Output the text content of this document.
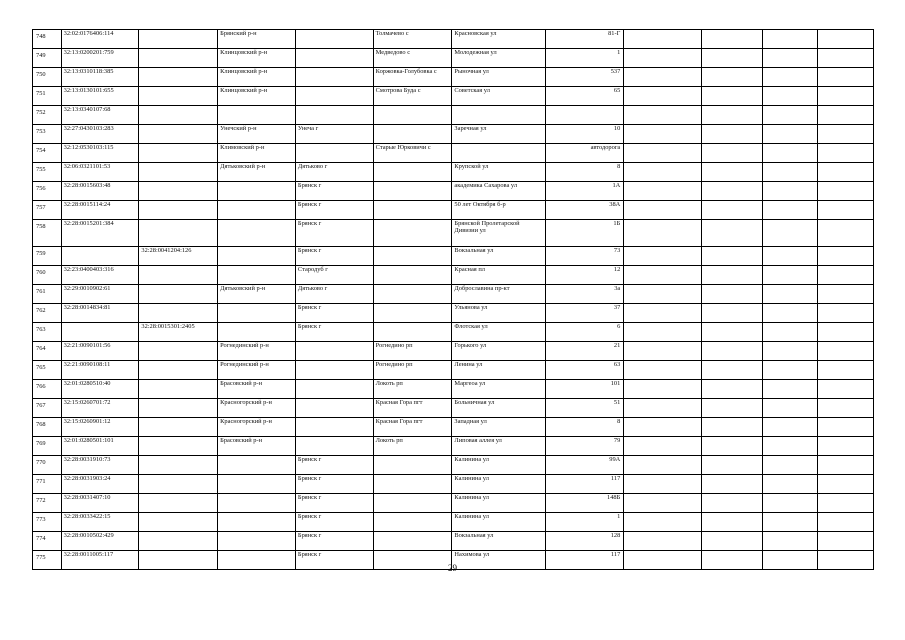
748	32:02:0176406:114		Брянский р-н		Толмачево с	Красновская ул	81-Г				
749	32:13:0200201:759		Клинцовский р-н		Медведово с	Молодежная ул	1				
750	32:13:0310118:385		Клинцовский р-н		Коржовка-Голубовка с	Рыночная ул	537				
751	32:13:0130101:655		Клинцовский р-н		Смотрова Буда с	Советская ул	65				
752	32:13:0340107:68										
753	32:27:0430103:283		Унечский р-н	Унеча г		Заречная ул	10				
754	32:12:0530103:115		Климовский р-н		Старые Юрковичи с		автодорога				
755	32:06:0321101:53		Дятьковский р-н	Дятьково г		Крупской ул	8				
756	32:28:0015603:48			Брянск г		академика Сахарова ул	1А				
757	32:28:0015114:24			Брянск г		50 лет Октября б-р	38А				
758	32:28:0015201:384			Брянск г		Брянской Пролетарской Дивизии ул	1Б				
759		32:28:0041204:126		Брянск г		Вокзальная ул	73				
760	32:23:0400403:316			Стародуб г		Красная пл	12				
761	32:29:0010902:61		Дятьковский р-н	Дятьково г		Доброславина пр-кт	3а				
762	32:28:0014834:81			Брянск г		Ульянова ул	37				
763		32:28:0015301:2405		Брянск г		Флотская ул	6				
764	32:21:0090101:56		Рогнединский р-н		Рогнедино рп	Горького ул	21				
765	32:21:0090108:11		Рогнединский р-н		Рогнедино рп	Ленина ул	63				
766	32:01:0280510:40		Брасовский р-н		Локоть рп	Маргеоа ул	101				
767	32:15:0260701:72		Красногорский р-н		Красная Гора пгт	Больничная ул	51				
768	32:15:0260901:12		Красногорский р-н		Красная Гора пгт	Западная ул	8				
769	32:01:0280501:101		Брасовский р-н		Локоть рп	Липовая аллея ул	79				
770	32:28:0031910:73			Брянск г		Калинина ул	99А				
771	32:28:0031903:24			Брянск г		Калинина ул	117				
772	32:28:0031407:10			Брянск г		Калинина ул	148Б				
773	32:28:0033422:15			Брянск г		Калинина ул	1				
774	32:28:0010502:429			Брянск г		Вокзальная ул	128				
775	32:28:0011005:117			Брянск г		Нахимова ул	117				
29
